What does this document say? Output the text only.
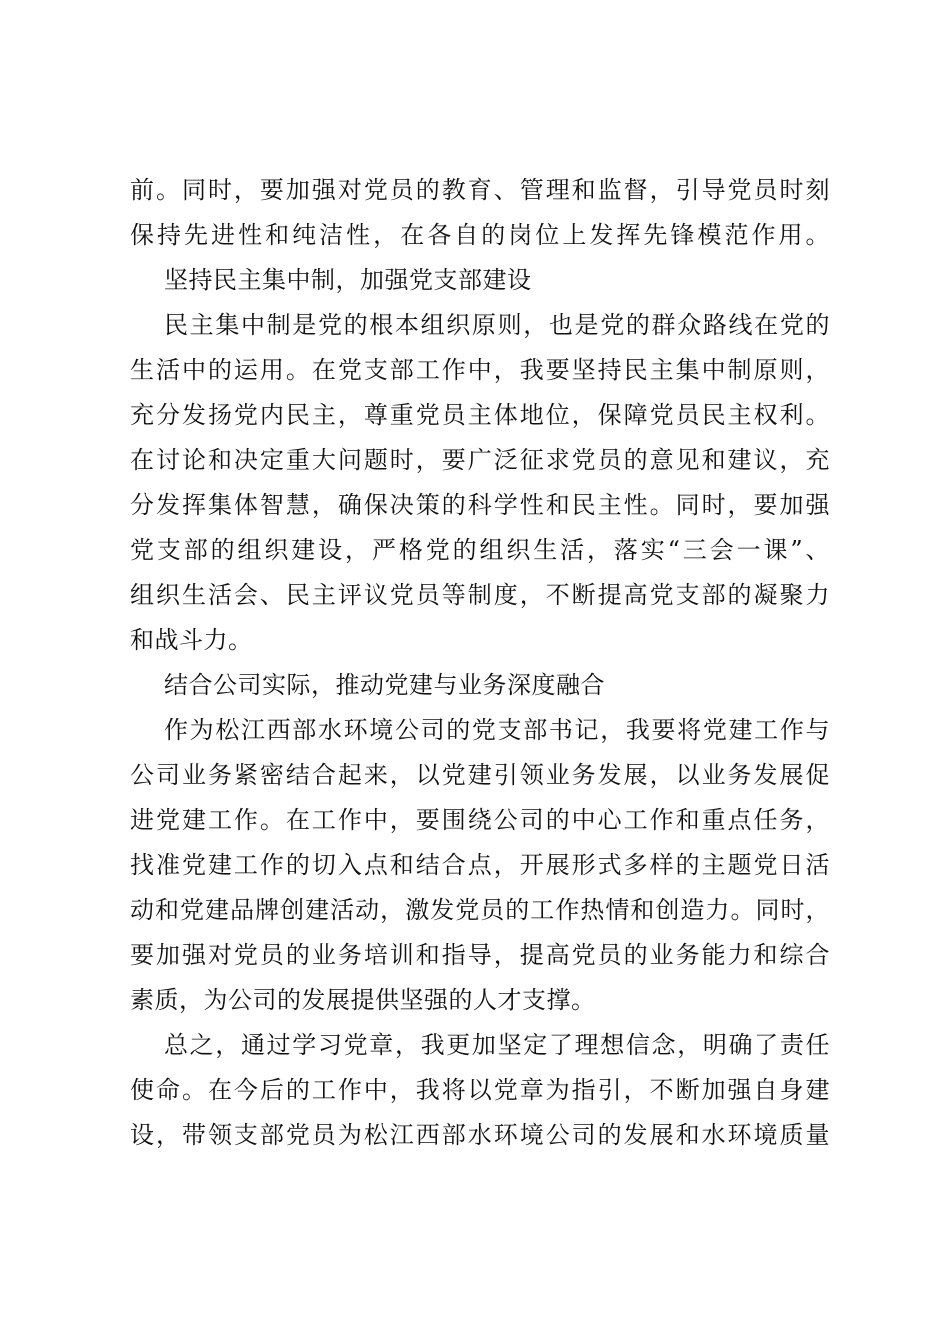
前。同时，要加强对党员的教育、管理和监督，引导党员时刻
保持先进性和纯洁性，在各自的岗位上发挥先锋模范作用。
坚持民主集中制，加强党支部建设
民主集中制是党的根本组织原则，也是党的群众路线在党的
生活中的运用。在党支部工作中，我要坚持民主集中制原则，
充分发扬党内民主，尊重党员主体地位，保障党员民主权利。
在讨论和决定重大问题时，要广泛征求党员的意见和建议，充
分发挥集体智慧，确保决策的科学性和民主性。同时，要加强
党支部的组织建设，严格党的组织生活，落实“三会一课”、
组织生活会、民主评议党员等制度，不断提高党支部的凝聚力
和战斗力。
结合公司实际，推动党建与业务深度融合
作为松江西部水环境公司的党支部书记，我要将党建工作与
公司业务紧密结合起来，以党建引领业务发展，以业务发展促
进党建工作。在工作中，要围绕公司的中心工作和重点任务，
找准党建工作的切入点和结合点，开展形式多样的主题党日活
动和党建品牌创建活动，激发党员的工作热情和创造力。同时，
要加强对党员的业务培训和指导，提高党员的业务能力和综合
素质，为公司的发展提供坚强的人才支撑。
总之，通过学习党章，我更加坚定了理想信念，明确了责任
使命。在今后的工作中，我将以党章为指引，不断加强自身建
设，带领支部党员为松江西部水环境公司的发展和水环境质量
